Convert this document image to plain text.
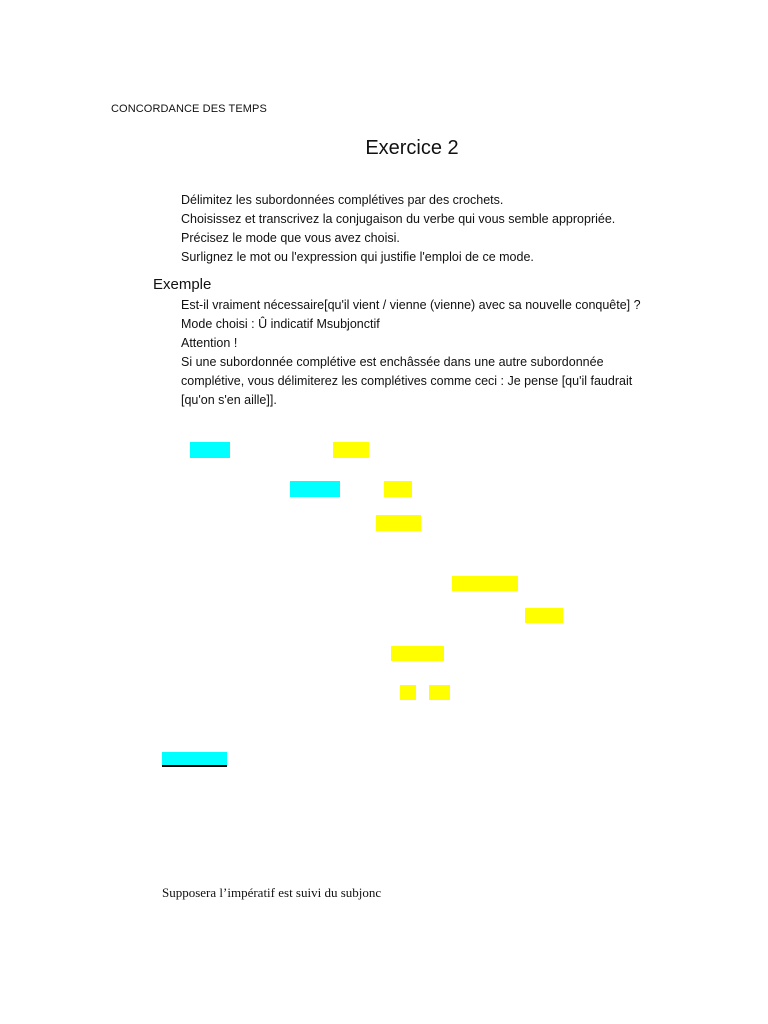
CONCORDANCE DES TEMPS
Exercice 2
Délimitez les subordonnées complétives par des crochets.
Choisissez et transcrivez la conjugaison du verbe qui vous semble appropriée.
Précisez le mode que vous avez choisi.
Surlignez le mot ou l'expression qui justifie l'emploi de ce mode.
Exemple
Est-il vraiment nécessaire[qu'il vient / vienne (vienne) avec sa nouvelle conquête] ?
Mode choisi : Û indicatif Msubjonctif
Attention !
Si une subordonnée complétive est enchâssée dans une autre subordonnée complétive, vous délimiterez les complétives comme ceci : Je pense [qu'il faudrait [qu'on s'en aille]].
Supposera l’impératif est suivi du subjonc
